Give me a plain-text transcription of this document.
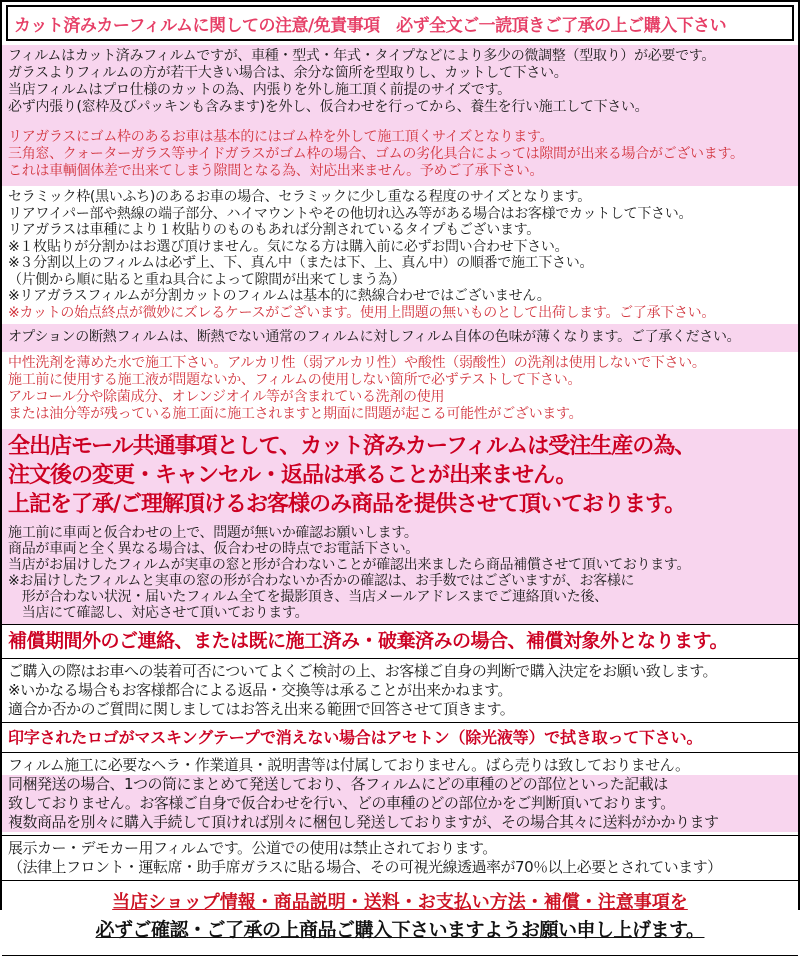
カット済みカーフィルムに関しての注意/免責事項　必ず全文ご一読頂きご了承の上ご購入下さい
フィルムはカット済みフィルムですが、車種・型式・年式・タイプなどにより多少の微調整（型取り）が必要です。
ガラスよりフィルムの方が若干大きい場合は、余分な箇所を型取りし、カットして下さい。
当店フィルムはプロ仕様のカットの為、内張りを外し施工頂く前提のサイズです。
必ず内張り(窓枠及びパッキンも含みます)を外し、仮合わせを行ってから、養生を行い施工して下さい。
リアガラスにゴム枠のあるお車は基本的にはゴム枠を外して施工頂くサイズとなります。
三角窓、クォーターガラス等サイドガラスがゴム枠の場合、ゴムの劣化具合によっては隙間が出来る場合がございます。
これは車輌個体差で出来てしまう隙間となる為、対応出来ません。予めご了承下さい。
セラミック枠(黒いふち)のあるお車の場合、セラミックに少し重なる程度のサイズとなります。
リアワイパー部や熱線の端子部分、ハイマウントやその他切れ込み等がある場合はお客様でカットして下さい。
リアガラスは車種により１枚貼りのものもあれば分割されているタイプもございます。
※１枚貼りが分割かはお選び頂けません。気になる方は購入前に必ずお問い合わせ下さい。
※３分割以上のフィルムは必ず上、下、真ん中（または下、上、真ん中）の順番で施工下さい。
（片側から順に貼ると重ね具合によって隙間が出来てしまう為）
※リアガラスフィルムが分割カットのフィルムは基本的に熱線合わせではございません。
※カットの始点終点が微妙にズレるケースがございます。使用上問題の無いものとして出荷します。ご了承下さい。
オプションの断熱フィルムは、断熱でない通常のフィルムに対しフィルム自体の色味が薄くなります。ご了承ください。
中性洗剤を薄めた水で施工下さい。アルカリ性（弱アルカリ性）や酸性（弱酸性）の洗剤は使用しないで下さい。
施工前に使用する施工液が問題ないか、フィルムの使用しない箇所で必ずテストして下さい。
アルコール分や除菌成分、オレンジオイル等が含まれている洗剤の使用
または油分等が残っている施工面に施工されますと期面に問題が起こる可能性がございます。
全出店モール共通事項として、カット済みカーフィルムは受注生産の為、
注文後の変更・キャンセル・返品は承ることが出来ません。
上記を了承/ご理解頂けるお客様のみ商品を提供させて頂いております。
施工前に車両と仮合わせの上で、問題が無いか確認お願いします。
商品が車両と全く異なる場合は、仮合わせの時点でお電話下さい。
当店がお届けしたフィルムが実車の窓と形が合わないことが確認出来ましたら商品補償させて頂いております。
※お届けしたフィルムと実車の窓の形が合わないか否かの確認は、お手数ではございますが、お客様に
　形が合わない状況・届いたフィルム全てを撮影頂き、当店メールアドレスまでご連絡頂いた後、
　当店にて確認し、対応させて頂いております。
補償期間外のご連絡、または既に施工済み・破棄済みの場合、補償対象外となります。
ご購入の際はお車への装着可否についてよくご検討の上、お客様ご自身の判断で購入決定をお願い致します。
※いかなる場合もお客様都合による返品・交換等は承ることが出来かねます。
適合か否かのご質問に関しましてはお答え出来る範囲で回答させて頂きます。
印字されたロゴがマスキングテープで消えない場合はアセトン（除光液等）で拭き取って下さい。
フィルム施工に必要なヘラ・作業道具・説明書等は付属しておりません。ばら売りは致しておりません。
同梱発送の場合、1つの筒にまとめて発送しており、各フィルムにどの車種のどの部位といった記載は
致しておりません。お客様ご自身で仮合わせを行い、どの車種のどの部位かをご判断頂いております。
複数商品を別々に購入手続して頂ければ別々に梱包し発送しておりますが、その場合其々に送料がかかります
展示カー・デモカー用フィルムです。公道での使用は禁止されております。
（法律上フロント・運転席・助手席ガラスに貼る場合、その可視光線透過率が70％以上必要とされています）
当店ショップ情報・商品説明・送料・お支払い方法・補償・注意事項を
必ずご確認・ご了承の上商品ご購入下さいますようお願い申し上げます。
